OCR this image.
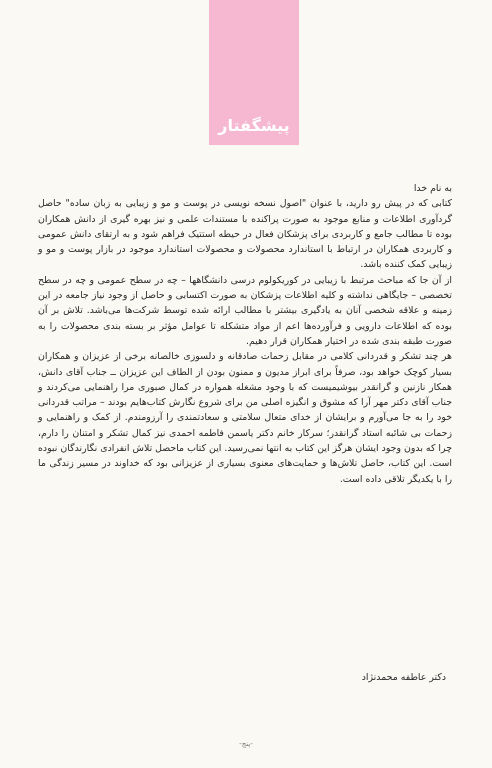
پیشگفتار

به نام خدا

کتابی که در پیش رو دارید، با عنوان "اصول نسخه نویسی در پوست و مو و زیبایی به زبان ساده" حاصل گردآوری اطلاعات و منابع موجود به صورت پراکنده با مستندات علمی و نیز بهره گیری از دانش همکاران بوده تا مطالب جامع و کاربردی برای پزشکان فعال در حیطه استتیک فراهم شود و به ارتقای دانش عمومی و کاربردی همکاران در ارتباط با استاندارد محصولات و محصولات استاندارد موجود در بازار پوست و مو و زیبایی کمک کننده باشد.

از آن جا که مباحث مرتبط با زیبایی در کوریکولوم درسی دانشگاهها – چه در سطح عمومی و چه در سطح تخصصی – جایگاهی نداشته و کلیه اطلاعات پزشکان به صورت اکتسابی و حاصل از وجود نیاز جامعه در این زمینه و علاقه شخصی آنان به یادگیری بیشتر با مطالب ارائه شده توسط شرکت‌ها می‌باشد. تلاش بر آن بوده که اطلاعات دارویی و فرآورده‌ها اعم از مواد متشکله تا عوامل مؤثر بر بسته بندی محصولات را به صورت طبقه بندی شده در اختیار همکاران قرار دهیم.

هر چند تشکر و قدردانی کلامی در مقابل زحمات صادقانه و دلسوزی خالصانه برخی از عزیزان و همکاران بسیار کوچک خواهد بود، صرفاً برای ابراز مدیون و ممنون بودن از الطاف این عزیزان ــ جناب آقای دانش، همکار نازنین و گرانقدر بیوشیمیست که با وجود مشغله همواره در کمال صبوری مرا راهنمایی می‌کردند و جناب آقای دکتر مهر آرا که مشوق و انگیزه اصلی من برای شروع نگارش کتاب‌هایم بودند – مراتب قدردانی خود را به جا می‌آورم و برایشان از خدای متعال سلامتی و سعادتمندی را آرزومندم. از کمک و راهنمایی و زحمات بی شائبه استاد گرانقدر؛ سرکار خانم دکتر یاسمن فاطمه احمدی نیز کمال تشکر و امتنان را دارم، چرا که بدون وجود ایشان هرگز این کتاب به انتها نمی‌رسید. این کتاب ماحصل تلاش انفرادی نگارندگان نبوده است. این کتاب، حاصل تلاش‌ها و حمایت‌های معنوی بسیاری از عزیزانی بود که خداوند در مسیر زندگی ما را با یکدیگر تلاقی داده است.

دکتر عاطفه محمدنژاد
-پنج-
